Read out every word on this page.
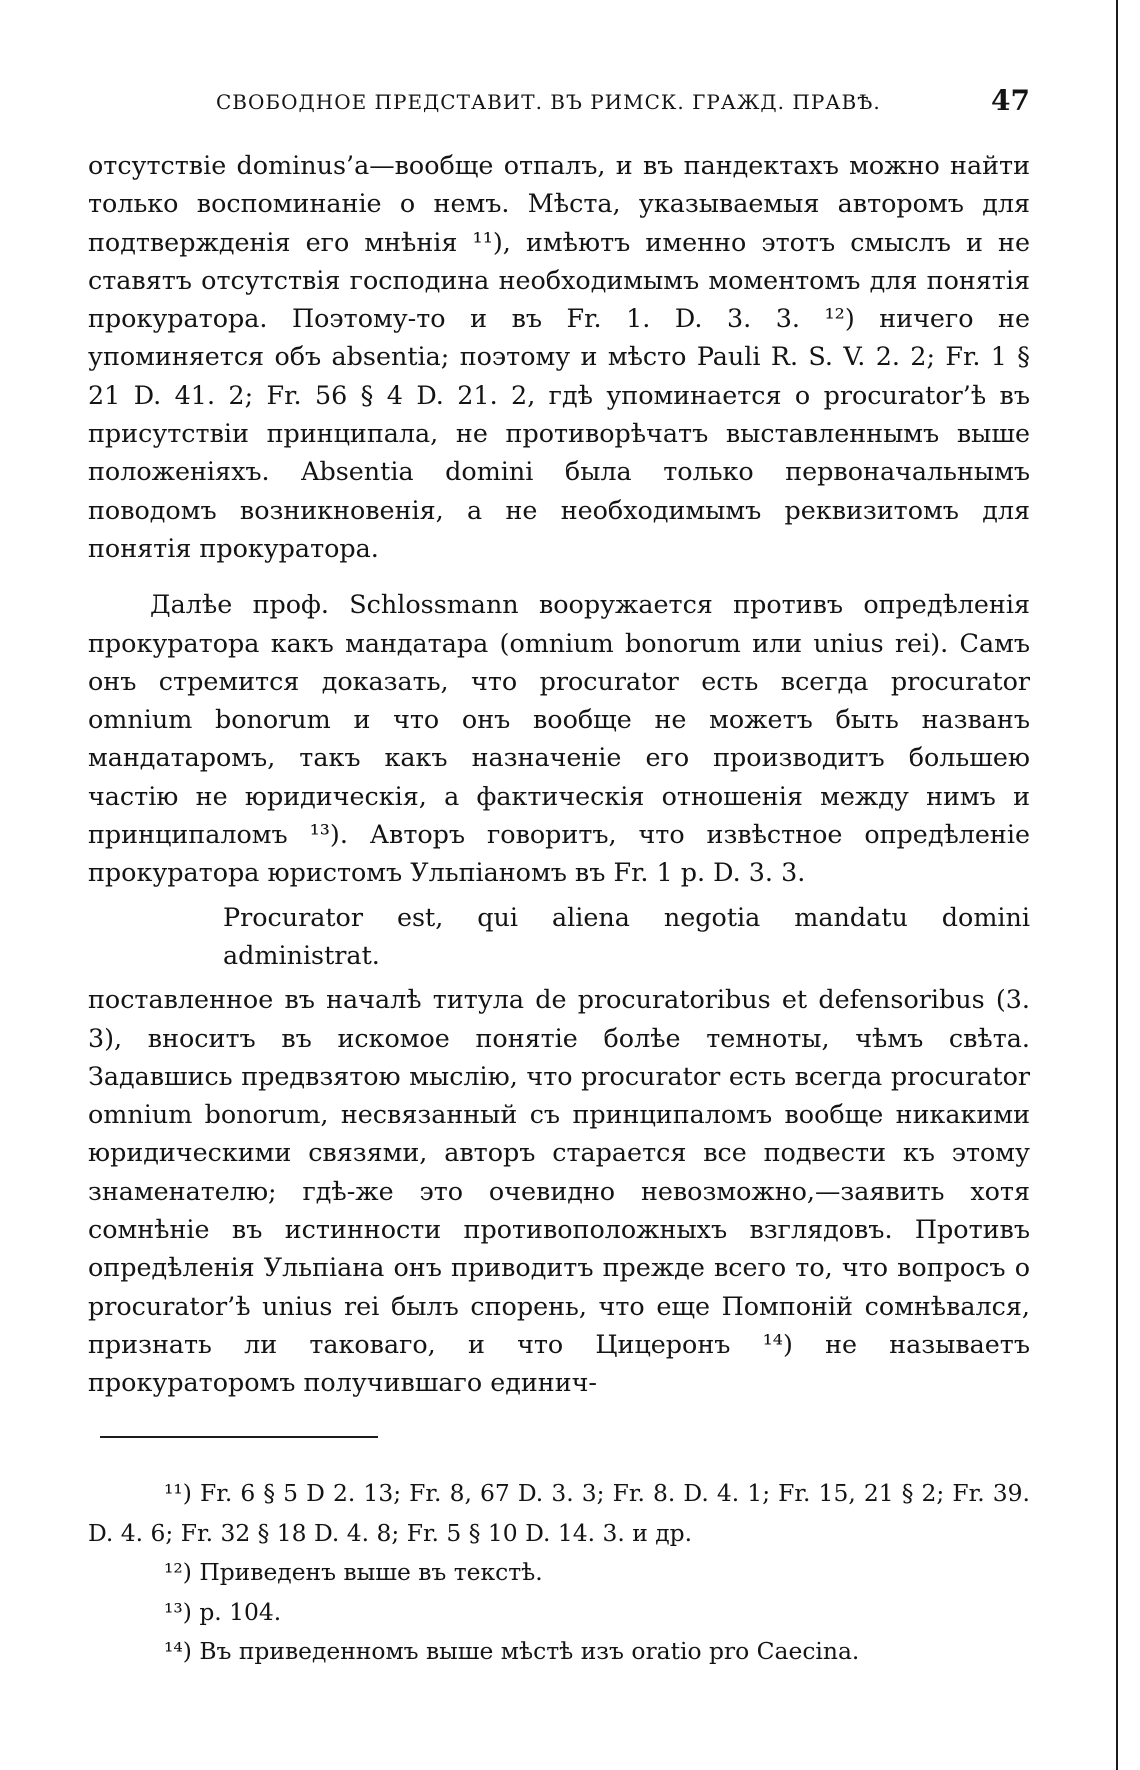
СВОБОДНОЕ ПРЕДСТАВИТ. ВЪ РИМСК. ГРАЖД. ПРАВѢ.	47

отсутствіе dominus’а—вообще отпалъ, и въ пандектахъ можно найти только воспоминаніе о немъ. Мѣста, указываемыя авторомъ для подтвержденія его мнѣнія ¹¹), имѣютъ именно этотъ смыслъ и не ставятъ отсутствія господина необходимымъ моментомъ для понятія прокуратора. Поэтому-то и въ Fr. 1. D. 3. 3. ¹²) ничего не упоминяется объ absentia; поэтому и мѣсто Pauli R. S. V. 2. 2; Fr. 1 § 21 D. 41. 2; Fr. 56 § 4 D. 21. 2, гдѣ упоминается о procurator’ѣ въ присутствіи принципала, не противорѣчатъ выставленнымъ выше положеніяхъ. Absentia domini была только первоначальнымъ поводомъ возникновенія, а не необходимымъ реквизитомъ для понятія прокуратора.

Далѣе проф. Schlossmann вооружается противъ опредѣленія прокуратора какъ мандатара (omnium bonorum или unius rei). Самъ онъ стремится доказать, что procurator есть всегда procurator omnium bonorum и что онъ вообще не можетъ быть названъ мандатаромъ, такъ какъ назначеніе его производитъ большею частію не юридическія, а фактическія отношенія между нимъ и принципаломъ ¹³). Авторъ говоритъ, что извѣстное опредѣленіе прокуратора юристомъ Ульпіаномъ въ Fr. 1 p. D. 3. 3.

Procurator est, qui aliena negotia mandatu domini administrat.

поставленное въ началѣ титула de procuratoribus et defensoribus (3. 3), вноситъ въ искомое понятіе болѣе темноты, чѣмъ свѣта. Задавшись предвзятою мыслію, что procurator есть всегда procurator omnium bonorum, несвязанный съ принципаломъ вообще никакими юридическими связями, авторъ старается все подвести къ этому знаменателю; гдѣ-же это очевидно невозможно,—заявить хотя сомнѣніе въ истинности противоположныхъ взглядовъ. Противъ опредѣленія Ульпіана онъ приводитъ прежде всего то, что вопросъ о procurator’ѣ unius rei былъ спорень, что еще Помпоній сомнѣвался, признать ли таковаго, и что Цицеронъ ¹⁴) не называетъ прокураторомъ получившаго единич-

¹¹) Fr. 6 § 5 D 2. 13; Fr. 8, 67 D. 3. 3; Fr. 8. D. 4. 1; Fr. 15, 21 § 2; Fr. 39. D. 4. 6; Fr. 32 § 18 D. 4. 8; Fr. 5 § 10 D. 14. 3. и др.

¹²) Приведенъ выше въ текстѣ.

¹³) p. 104.

¹⁴) Въ приведенномъ выше мѣстѣ изъ oratio pro Caecina.
